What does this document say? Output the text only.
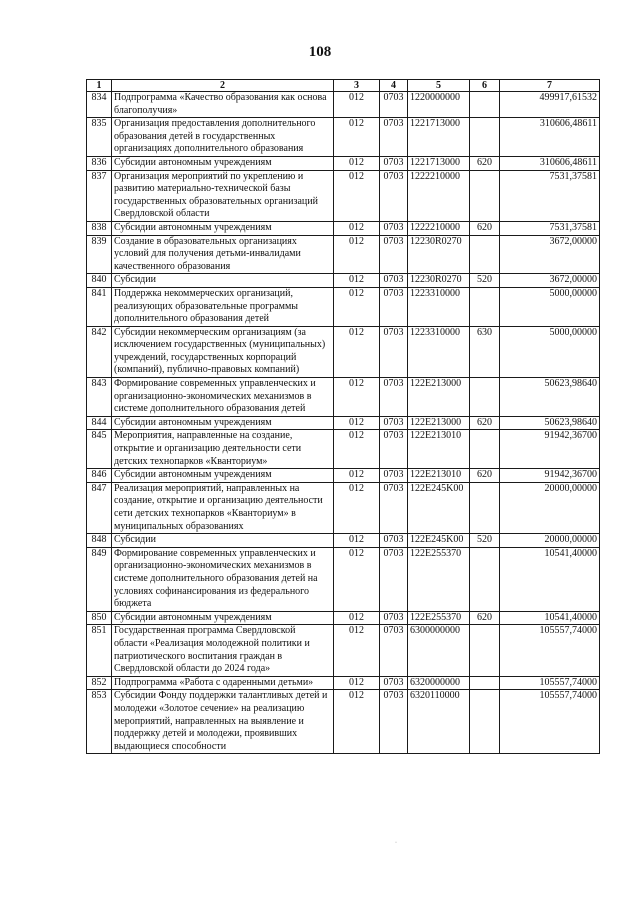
108
1	2	3	4	5	6	7
834	Подпрограмма «Качество образования как основа благополучия»	012	0703	1220000000		499917,61532
835	Организация предоставления дополнительного образования детей в государственных организациях дополнительного образования	012	0703	1221713000		310606,48611
836	Субсидии автономным учреждениям	012	0703	1221713000	620	310606,48611
837	Организация мероприятий по укреплению и развитию материально-технической базы государственных образовательных организаций Свердловской области	012	0703	1222210000		7531,37581
838	Субсидии автономным учреждениям	012	0703	1222210000	620	7531,37581
839	Создание в образовательных организациях условий для получения детьми-инвалидами качественного образования	012	0703	12230R0270		3672,00000
840	Субсидии	012	0703	12230R0270	520	3672,00000
841	Поддержка некоммерческих организаций, реализующих образовательные программы дополнительного образования детей	012	0703	1223310000		5000,00000
842	Субсидии некоммерческим организациям (за исключением государственных (муниципальных) учреждений, государственных корпораций (компаний), публично-правовых компаний)	012	0703	1223310000	630	5000,00000
843	Формирование современных управленческих и организационно-экономических механизмов в системе дополнительного образования детей	012	0703	122E213000		50623,98640
844	Субсидии автономным учреждениям	012	0703	122E213000	620	50623,98640
845	Мероприятия, направленные на создание, открытие и организацию деятельности сети детских технопарков «Кванториум»	012	0703	122E213010		91942,36700
846	Субсидии автономным учреждениям	012	0703	122E213010	620	91942,36700
847	Реализация мероприятий, направленных на создание, открытие и организацию деятельности сети детских технопарков «Кванториум» в муниципальных образованиях	012	0703	122E245K00		20000,00000
848	Субсидии	012	0703	122E245K00	520	20000,00000
849	Формирование современных управленческих и организационно-экономических механизмов в системе дополнительного образования детей на условиях софинансирования из федерального бюджета	012	0703	122E255370		10541,40000
850	Субсидии автономным учреждениям	012	0703	122E255370	620	10541,40000
851	Государственная программа Свердловской области «Реализация молодежной политики и патриотического воспитания граждан в Свердловской области до 2024 года»	012	0703	6300000000		105557,74000
852	Подпрограмма «Работа с одаренными детьми»	012	0703	6320000000		105557,74000
853	Субсидии Фонду поддержки талантливых детей и молодежи «Золотое сечение» на реализацию мероприятий, направленных на выявление и поддержку детей и молодежи, проявивших выдающиеся способности	012	0703	6320110000		105557,74000
·
